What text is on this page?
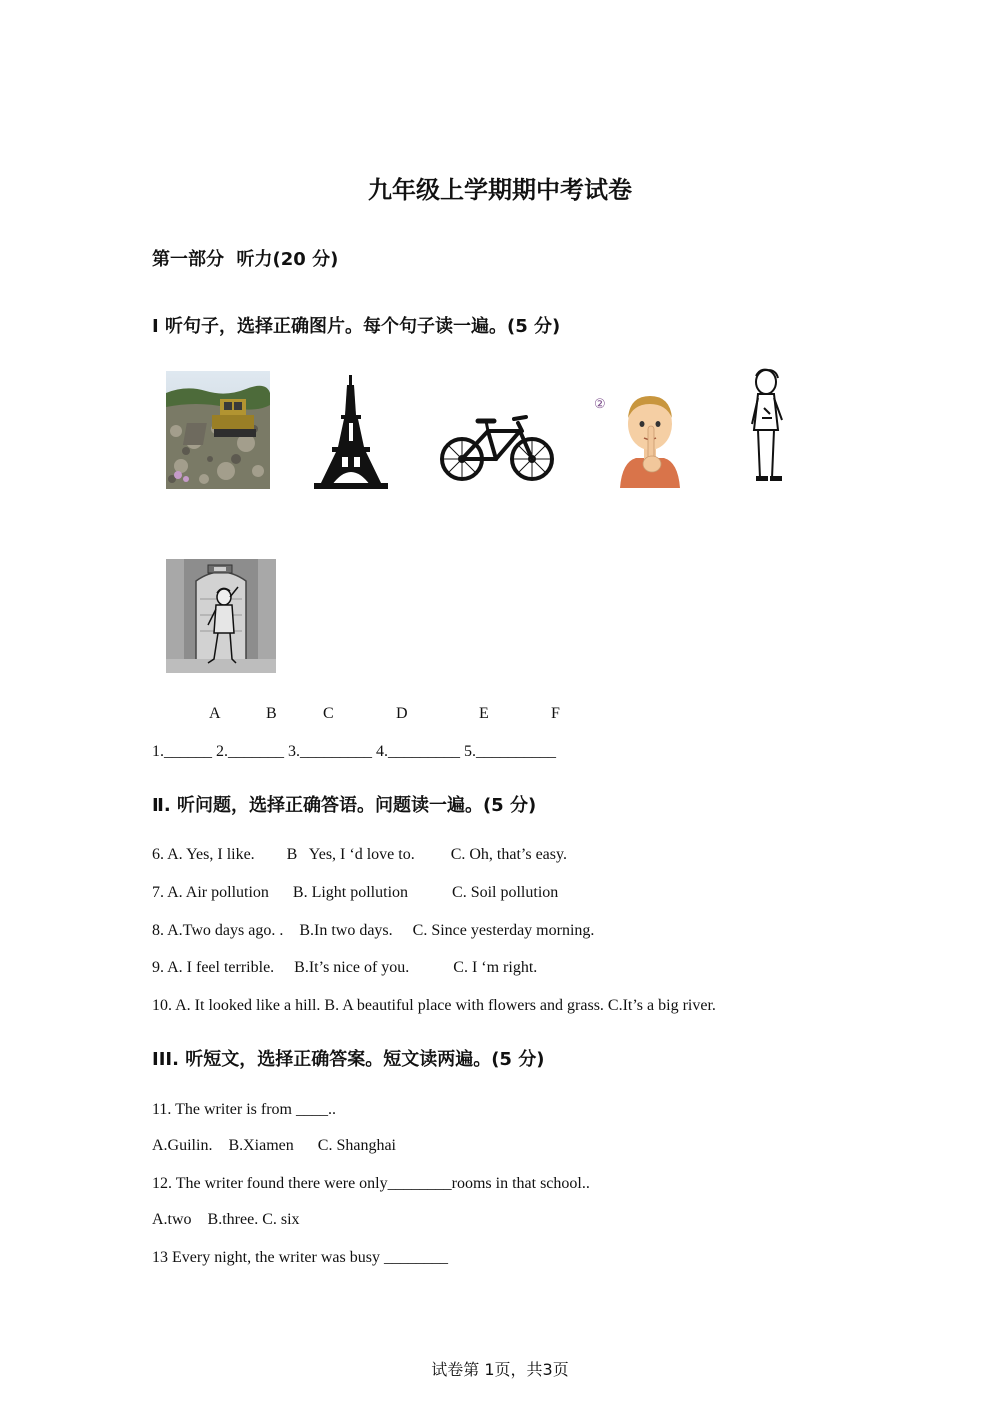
九年级上学期期中考试卷
第一部分  听力(20 分)
I 听句子，选择正确图片。每个句子读一遍。(5 分)
②
A	B	C	D	E	F
1.______ 2._______ 3._________ 4._________ 5.__________
Ⅱ. 听问题，选择正确答语。问题读一遍。(5 分)
6. A. Yes, I like.        B   Yes, I ‘d love to.         C. Oh, that’s easy.
7. A. Air pollution      B. Light pollution           C. Soil pollution
8. A.Two days ago. .    B.In two days.     C. Since yesterday morning.
9. A. I feel terrible.     B.It’s nice of you.           C. I ‘m right.
10. A. It looked like a hill. B. A beautiful place with flowers and grass. C.It’s a big river.
III. 听短文，选择正确答案。短文读两遍。(5 分)
11. The writer is from ____..
A.Guilin.    B.Xiamen      C. Shanghai
12. The writer found there were only________rooms in that school..
A.two    B.three. C. six
13 Every night, the writer was busy ________
试卷第 1页，共3页
